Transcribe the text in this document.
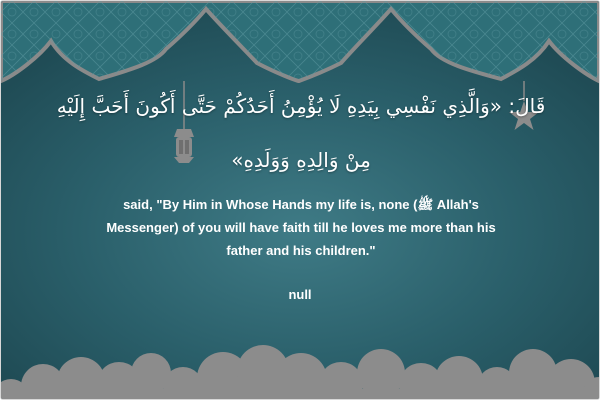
قَالَ: «وَالَّذِي نَفْسِي بِيَدِهِ لَا يُؤْمِنُ أَحَدُكُمْ حَتَّى أَكُونَ أَحَبَّ إِلَيْهِ مِنْ وَالِدِهِ وَوَلَدِهِ»
said, "By Him in Whose Hands my life is, none (ﷺ Allah's Messenger) of you will have faith till he loves me more than his father and his children."
null
